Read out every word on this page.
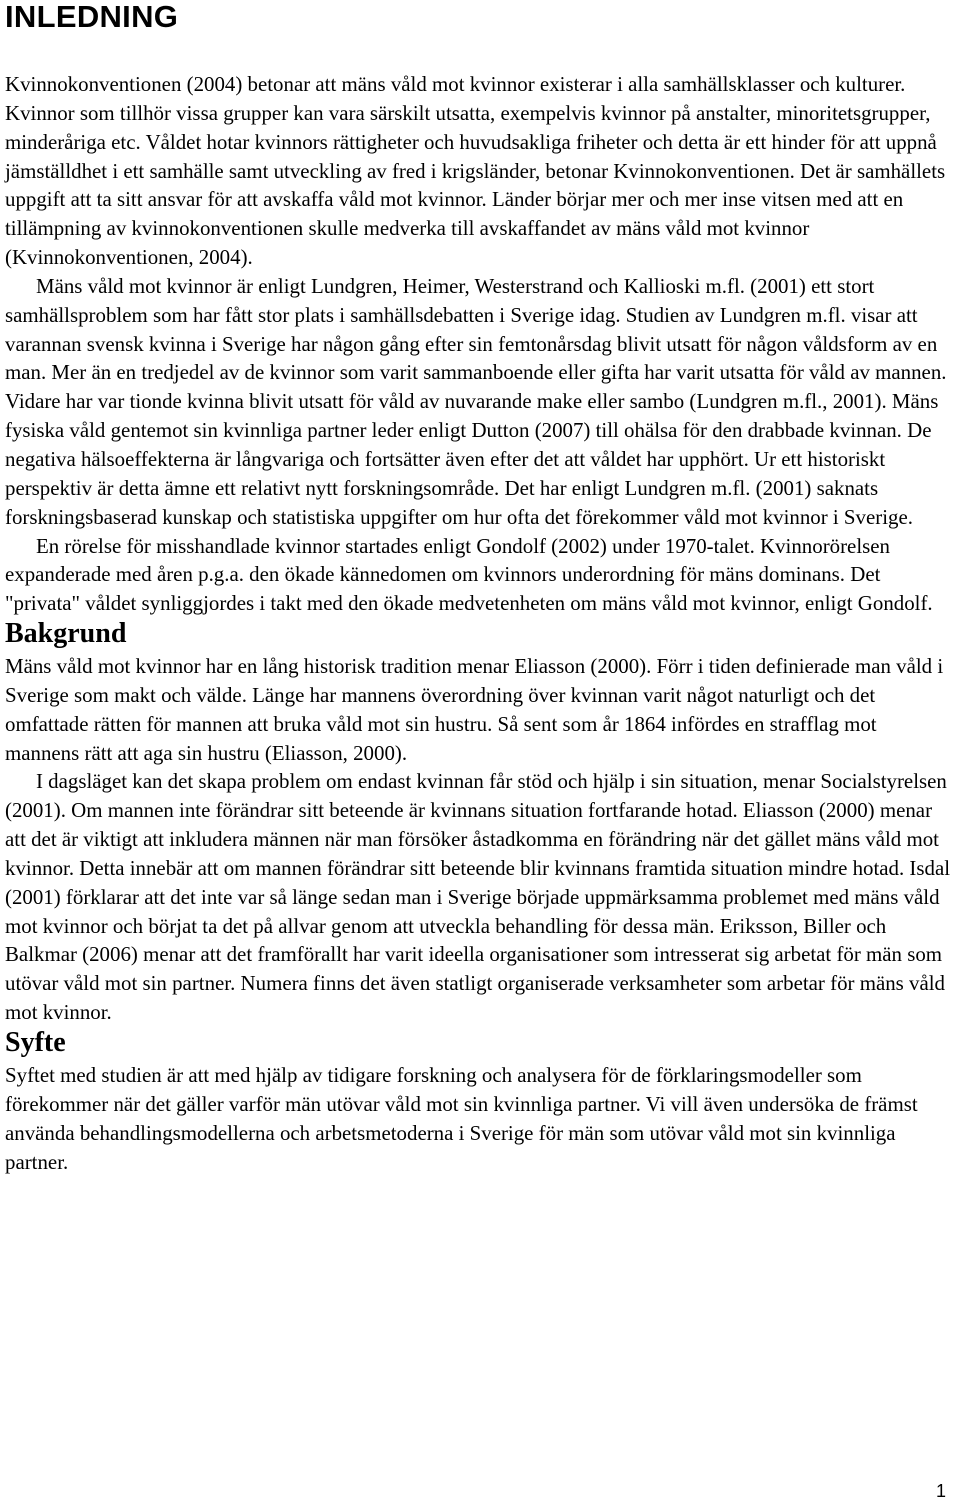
INLEDNING

Kvinnokonventionen (2004) betonar att mäns våld mot kvinnor existerar i alla samhällsklasser och kulturer. Kvinnor som tillhör vissa grupper kan vara särskilt utsatta, exempelvis kvinnor på anstalter, minoritetsgrupper, minderåriga etc. Våldet hotar kvinnors rättigheter och huvudsakliga friheter och detta är ett hinder för att uppnå jämställdhet i ett samhälle samt utveckling av fred i krigsländer, betonar Kvinnokonventionen. Det är samhällets uppgift att ta sitt ansvar för att avskaffa våld mot kvinnor. Länder börjar mer och mer inse vitsen med att en tillämpning av kvinnokonventionen skulle medverka till avskaffandet av mäns våld mot kvinnor (Kvinnokonventionen, 2004).

Mäns våld mot kvinnor är enligt Lundgren, Heimer, Westerstrand och Kallioski m.fl. (2001) ett stort samhällsproblem som har fått stor plats i samhällsdebatten i Sverige idag. Studien av Lundgren m.fl. visar att varannan svensk kvinna i Sverige har någon gång efter sin femtonårsdag blivit utsatt för någon våldsform av en man. Mer än en tredjedel av de kvinnor som varit sammanboende eller gifta har varit utsatta för våld av mannen. Vidare har var tionde kvinna blivit utsatt för våld av nuvarande make eller sambo (Lundgren m.fl., 2001). Mäns fysiska våld gentemot sin kvinnliga partner leder enligt Dutton (2007) till ohälsa för den drabbade kvinnan. De negativa hälsoeffekterna är långvariga och fortsätter även efter det att våldet har upphört. Ur ett historiskt perspektiv är detta ämne ett relativt nytt forskningsområde. Det har enligt Lundgren m.fl. (2001) saknats forskningsbaserad kunskap och statistiska uppgifter om hur ofta det förekommer våld mot kvinnor i Sverige.

En rörelse för misshandlade kvinnor startades enligt Gondolf (2002) under 1970-talet. Kvinnorörelsen expanderade med åren p.g.a. den ökade kännedomen om kvinnors underordning för mäns dominans. Det "privata" våldet synliggjordes i takt med den ökade medvetenheten om mäns våld mot kvinnor, enligt Gondolf.

Bakgrund

Mäns våld mot kvinnor har en lång historisk tradition menar Eliasson (2000). Förr i tiden definierade man våld i Sverige som makt och välde. Länge har mannens överordning över kvinnan varit något naturligt och det omfattade rätten för mannen att bruka våld mot sin hustru. Så sent som år 1864 infördes en strafflag mot mannens rätt att aga sin hustru (Eliasson, 2000).

I dagsläget kan det skapa problem om endast kvinnan får stöd och hjälp i sin situation, menar Socialstyrelsen (2001). Om mannen inte förändrar sitt beteende är kvinnans situation fortfarande hotad. Eliasson (2000) menar att det är viktigt att inkludera männen när man försöker åstadkomma en förändring när det gället mäns våld mot kvinnor. Detta innebär att om mannen förändrar sitt beteende blir kvinnans framtida situation mindre hotad. Isdal (2001) förklarar att det inte var så länge sedan man i Sverige började uppmärksamma problemet med mäns våld mot kvinnor och börjat ta det på allvar genom att utveckla behandling för dessa män. Eriksson, Biller och Balkmar (2006) menar att det framförallt har varit ideella organisationer som intresserat sig arbetat för män som utövar våld mot sin partner. Numera finns det även statligt organiserade verksamheter som arbetar för mäns våld mot kvinnor.

Syfte

Syftet med studien är att med hjälp av tidigare forskning och analysera för de förklaringsmodeller som förekommer när det gäller varför män utövar våld mot sin kvinnliga partner. Vi vill även undersöka de främst använda behandlingsmodellerna och arbetsmetoderna i Sverige för män som utövar våld mot sin kvinnliga partner.

1
